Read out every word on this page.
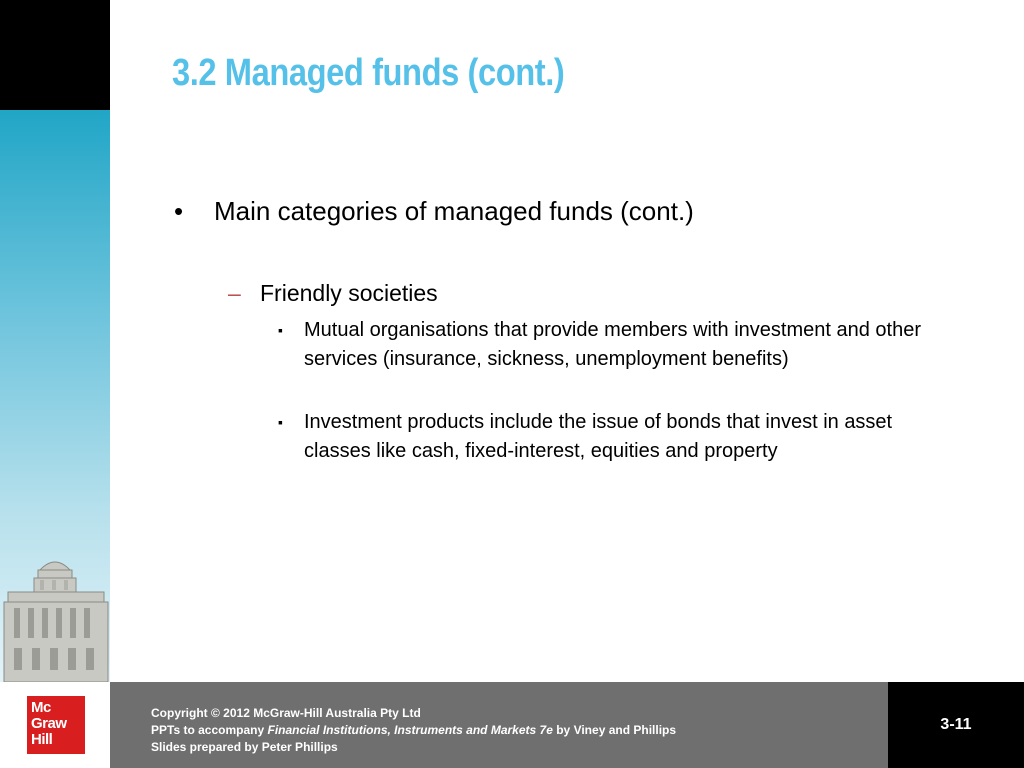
3.2 Managed funds (cont.)
• Main categories of managed funds (cont.)
– Friendly societies
▪ Mutual organisations that provide members with investment and other services (insurance, sickness, unemployment benefits)
▪ Investment products include the issue of bonds that invest in asset classes like cash, fixed-interest, equities and property
Mc
Graw
Hill
Copyright © 2012 McGraw-Hill Australia Pty Ltd
PPTs to accompany Financial Institutions, Instruments and Markets 7e by Viney and Phillips
Slides prepared by Peter Phillips
3-11
